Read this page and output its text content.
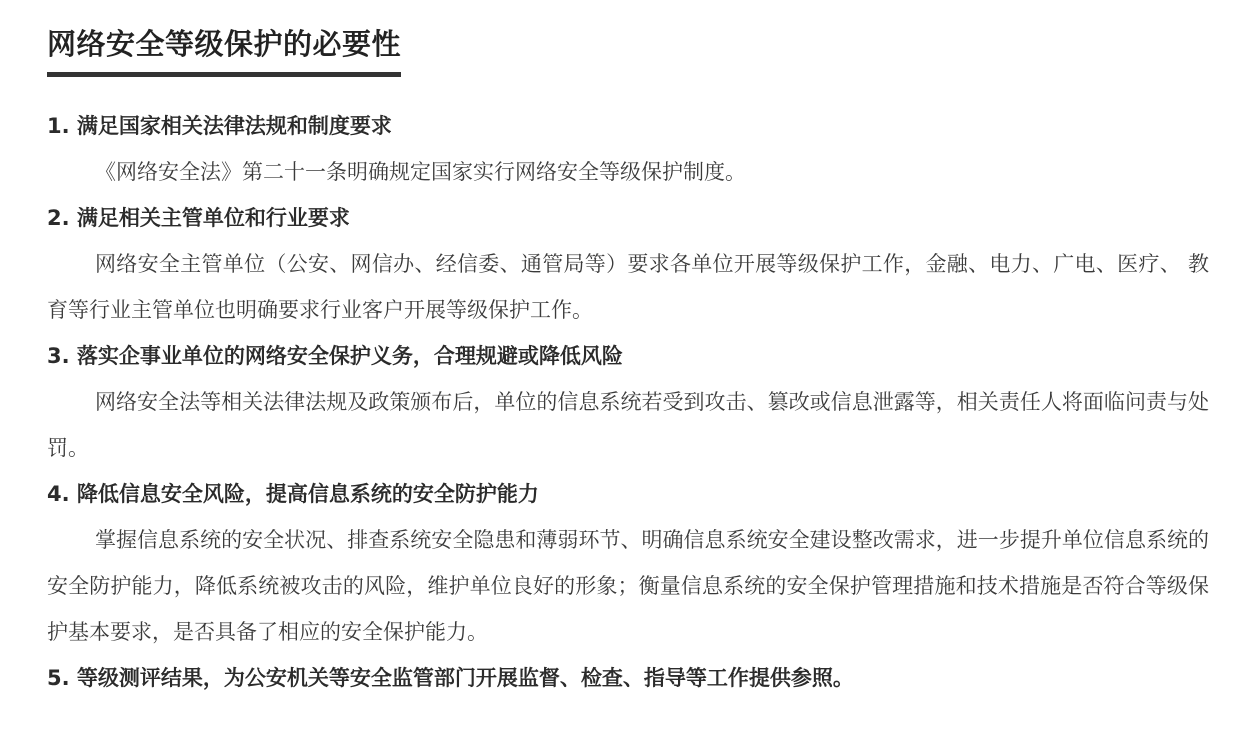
网络安全等级保护的必要性
1. 满足国家相关法律法规和制度要求

《网络安全法》第二十一条明确规定国家实行网络安全等级保护制度。

2. 满足相关主管单位和行业要求

网络安全主管单位（公安、网信办、经信委、通管局等）要求各单位开展等级保护工作，金融、电力、广电、医疗、 教育等行业主管单位也明确要求行业客户开展等级保护工作。

3. 落实企事业单位的网络安全保护义务，合理规避或降低风险

网络安全法等相关法律法规及政策颁布后，单位的信息系统若受到攻击、篡改或信息泄露等，相关责任人将面临问责与处罚。

4. 降低信息安全风险，提高信息系统的安全防护能力

掌握信息系统的安全状况、排查系统安全隐患和薄弱环节、明确信息系统安全建设整改需求，进一步提升单位信息系统的安全防护能力，降低系统被攻击的风险，维护单位良好的形象；衡量信息系统的安全保护管理措施和技术措施是否符合等级保护基本要求，是否具备了相应的安全保护能力。

5. 等级测评结果，为公安机关等安全监管部门开展监督、检查、指导等工作提供参照。
